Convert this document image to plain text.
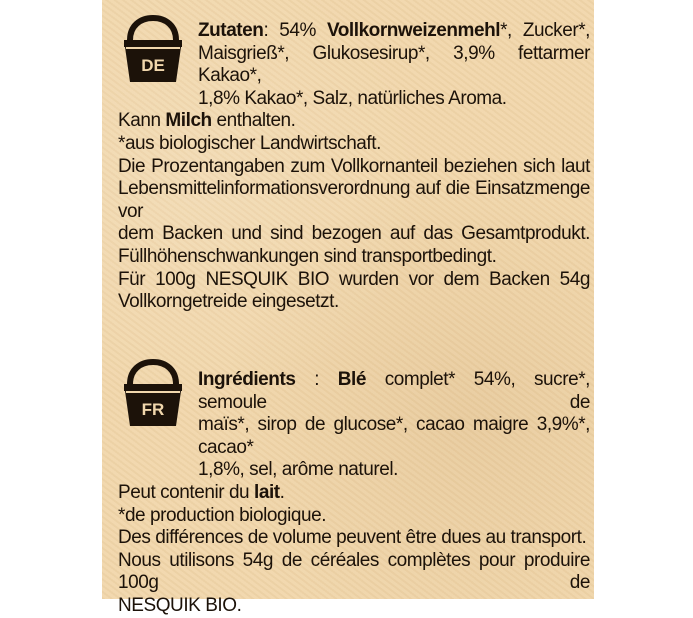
DE
Zutaten: 54% Vollkornweizenmehl*, Zucker*,
Maisgrieß*, Glukosesirup*, 3,9% fettarmer Kakao*,
1,8% Kakao*, Salz, natürliches Aroma.
Kann Milch enthalten.
*aus biologischer Landwirtschaft.
Die Prozentangaben zum Vollkornanteil beziehen sich laut
Lebensmittelinformationsverordnung auf die Einsatzmenge vor
dem Backen und sind bezogen auf das Gesamtprodukt.
Füllhöhenschwankungen sind transportbedingt.
Für 100g NESQUIK BIO wurden vor dem Backen 54g
Vollkorngetreide eingesetzt.
FR
Ingrédients : Blé complet* 54%, sucre*, semoule de
maïs*, sirop de glucose*, cacao maigre 3,9%*, cacao*
1,8%, sel, arôme naturel.
Peut contenir du lait.
*de production biologique.
Des différences de volume peuvent être dues au transport.
Nous utilisons 54g de céréales complètes pour produire 100g de
NESQUIK BIO.
